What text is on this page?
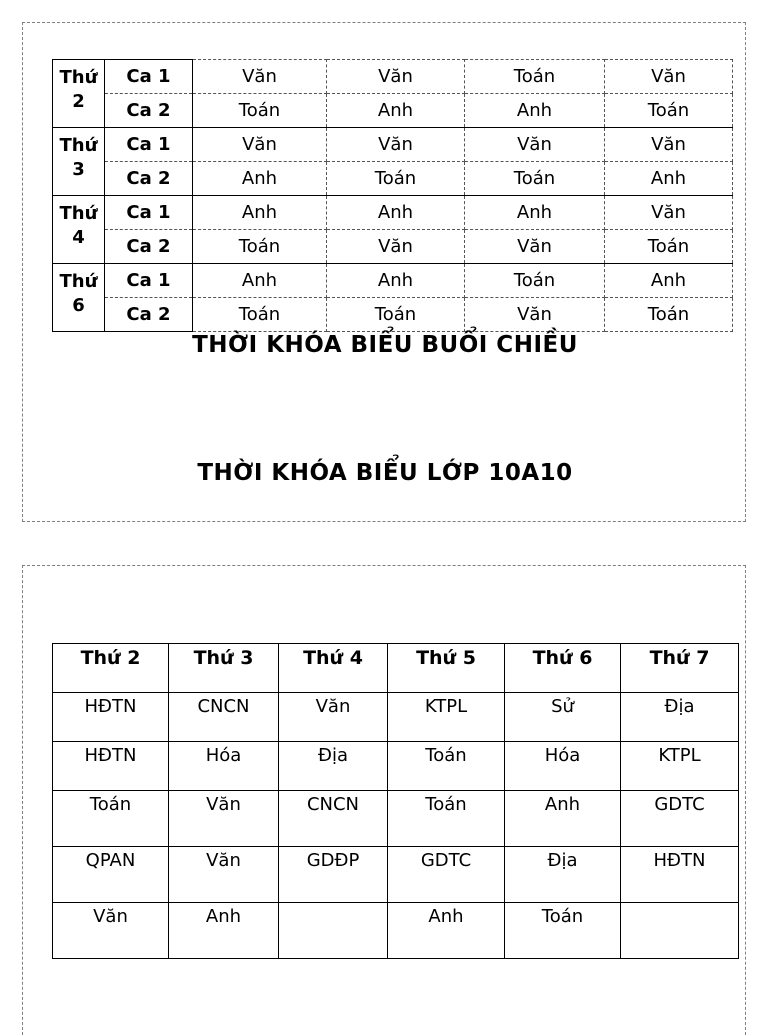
Thứ 2	Ca 1	Văn	Văn	Toán	Văn
	Ca 2	Toán	Anh	Anh	Toán
Thứ 3	Ca 1	Văn	Văn	Văn	Văn
	Ca 2	Anh	Toán	Toán	Anh
Thứ 4	Ca 1	Anh	Anh	Anh	Văn
	Ca 2	Toán	Văn	Văn	Toán
Thứ 6	Ca 1	Anh	Anh	Toán	Anh
	Ca 2	Toán	Toán	Văn	Toán
THỜI KHÓA BIỂU BUỔI CHIỀU
THỜI KHÓA BIỂU LỚP 10A10
Thứ 2	Thứ 3	Thứ 4	Thứ 5	Thứ 6	Thứ 7
HĐTN	CNCN	Văn	KTPL	Sử	Địa
HĐTN	Hóa	Địa	Toán	Hóa	KTPL
Toán	Văn	CNCN	Toán	Anh	GDTC
QPAN	Văn	GDĐP	GDTC	Địa	HĐTN
Văn	Anh		Anh	Toán	
